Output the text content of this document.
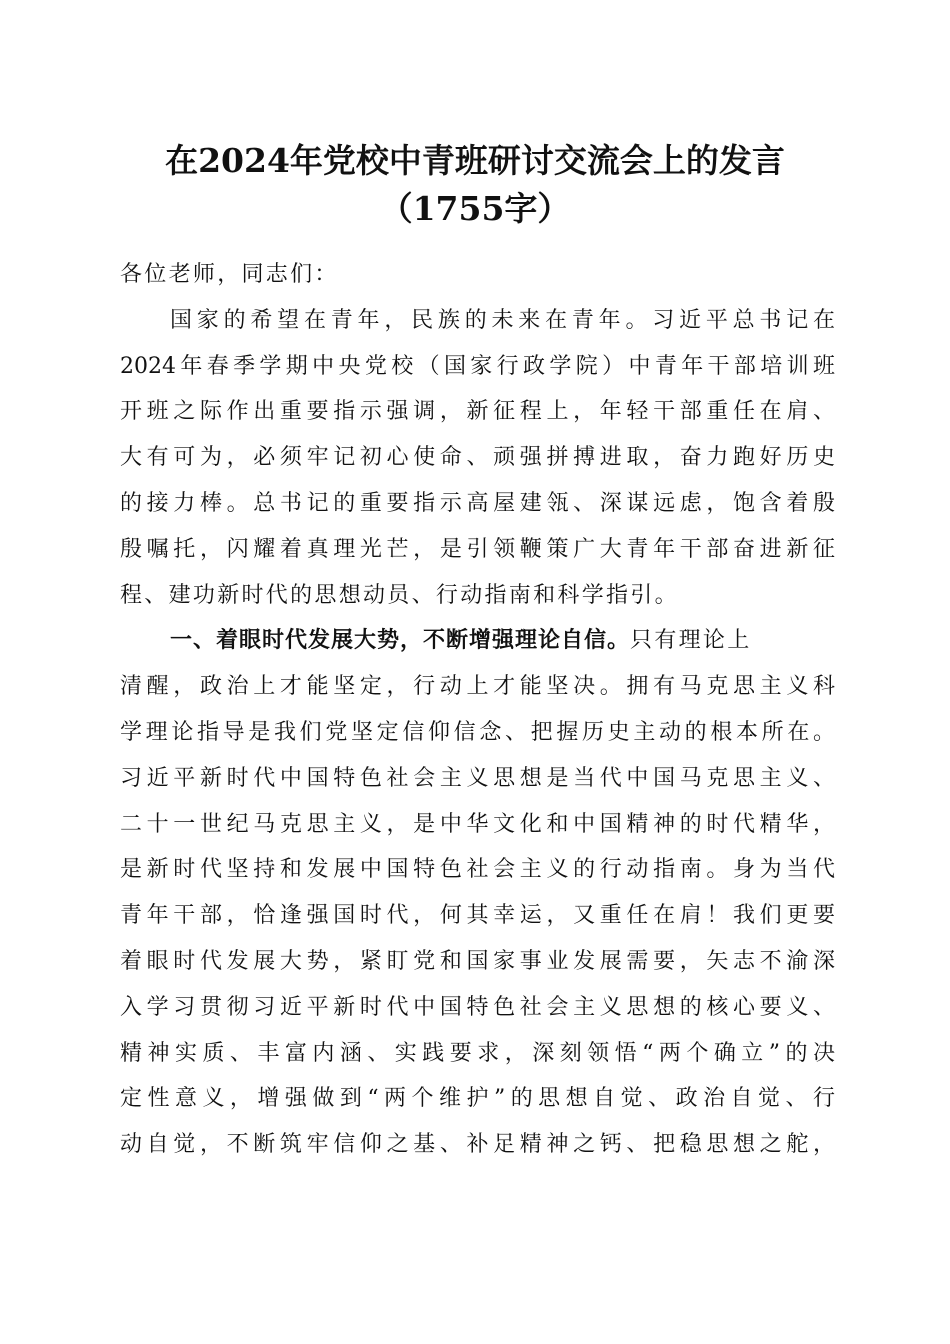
在2024年党校中青班研讨交流会上的发言
（1755字）
各位老师，同志们：
国家的希望在青年，民族的未来在青年。习近平总书记在
2024年春季学期中央党校（国家行政学院）中青年干部培训班
开班之际作出重要指示强调，新征程上，年轻干部重任在肩、
大有可为，必须牢记初心使命、顽强拼搏进取，奋力跑好历史
的接力棒。总书记的重要指示高屋建瓴、深谋远虑，饱含着殷
殷嘱托，闪耀着真理光芒，是引领鞭策广大青年干部奋进新征
程、建功新时代的思想动员、行动指南和科学指引。
一、着眼时代发展大势，不断增强理论自信。只有理论上
清醒，政治上才能坚定，行动上才能坚决。拥有马克思主义科
学理论指导是我们党坚定信仰信念、把握历史主动的根本所在。
习近平新时代中国特色社会主义思想是当代中国马克思主义、
二十一世纪马克思主义，是中华文化和中国精神的时代精华，
是新时代坚持和发展中国特色社会主义的行动指南。身为当代
青年干部，恰逢强国时代，何其幸运，又重任在肩！我们更要
着眼时代发展大势，紧盯党和国家事业发展需要，矢志不渝深
入学习贯彻习近平新时代中国特色社会主义思想的核心要义、
精神实质、丰富内涵、实践要求，深刻领悟“两个确立”的决
定性意义，增强做到“两个维护”的思想自觉、政治自觉、行
动自觉，不断筑牢信仰之基、补足精神之钙、把稳思想之舵，
